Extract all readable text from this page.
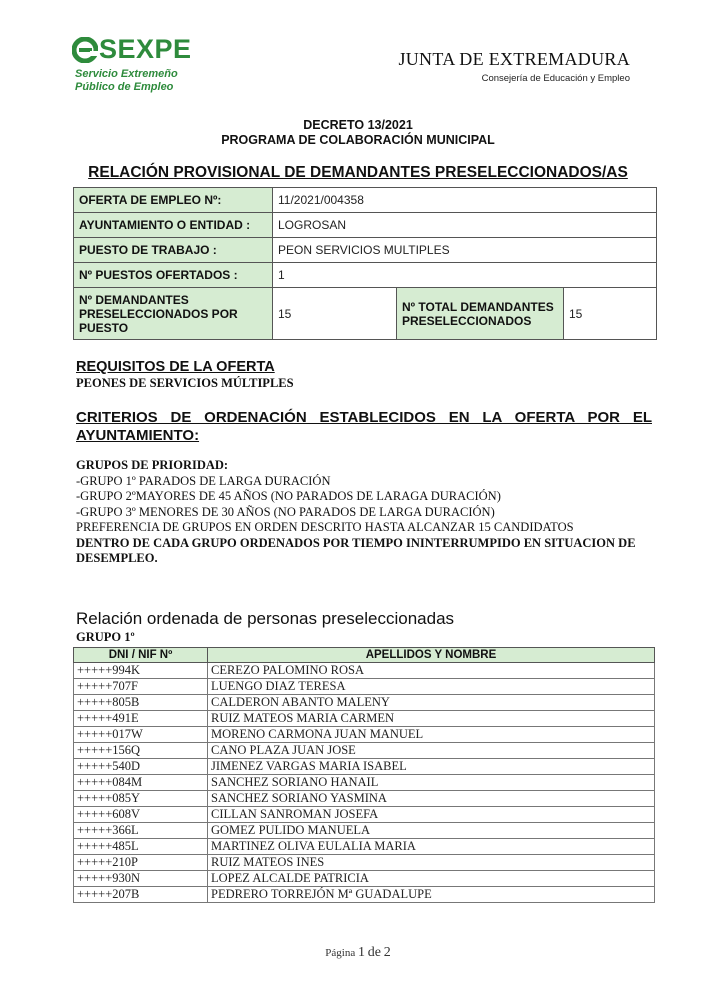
SEXPE
Servicio Extremeño
Público de Empleo
JUNTA DE EXTREMADURA
Consejería de Educación y Empleo
DECRETO 13/2021
PROGRAMA DE COLABORACIÓN MUNICIPAL
RELACIÓN PROVISIONAL DE DEMANDANTES PRESELECCIONADOS/AS
OFERTA DE EMPLEO Nº:	11/2021/004358		
AYUNTAMIENTO O ENTIDAD :	LOGROSAN		
PUESTO DE TRABAJO :	PEON SERVICIOS MULTIPLES		
Nº PUESTOS OFERTADOS :	1		
Nº DEMANDANTES PRESELECCIONADOS POR PUESTO	15	Nº TOTAL DEMANDANTES PRESELECCIONADOS	15
REQUISITOS DE LA OFERTA
PEONES DE SERVICIOS MÚLTIPLES
CRITERIOS DE ORDENACIÓN ESTABLECIDOS EN LA OFERTA POR EL
AYUNTAMIENTO:
GRUPOS DE PRIORIDAD:
-GRUPO 1º PARADOS DE LARGA DURACIÓN
-GRUPO 2ºMAYORES DE 45 AÑOS (NO PARADOS DE LARAGA DURACIÓN)
-GRUPO 3º MENORES DE 30 AÑOS (NO PARADOS DE LARGA DURACIÓN)
PREFERENCIA DE GRUPOS EN ORDEN DESCRITO HASTA ALCANZAR 15 CANDIDATOS
DENTRO DE CADA GRUPO ORDENADOS POR TIEMPO ININTERRUMPIDO EN SITUACION DE DESEMPLEO.
Relación ordenada de personas preseleccionadas
GRUPO 1º
DNI / NIF Nº	APELLIDOS Y NOMBRE
+++++994K	CEREZO PALOMINO ROSA
+++++707F	LUENGO DIAZ TERESA
+++++805B	CALDERON ABANTO MALENY
+++++491E	RUIZ MATEOS MARIA CARMEN
+++++017W	MORENO CARMONA JUAN MANUEL
+++++156Q	CANO PLAZA JUAN JOSE
+++++540D	JIMENEZ VARGAS MARIA ISABEL
+++++084M	SANCHEZ SORIANO HANAIL
+++++085Y	SANCHEZ SORIANO YASMINA
+++++608V	CILLAN SANROMAN JOSEFA
+++++366L	GOMEZ PULIDO MANUELA
+++++485L	MARTINEZ OLIVA EULALIA MARIA
+++++210P	RUIZ MATEOS INES
+++++930N	LOPEZ ALCALDE PATRICIA
+++++207B	PEDRERO TORREJÓN Mª GUADALUPE
Página 1 de 2
